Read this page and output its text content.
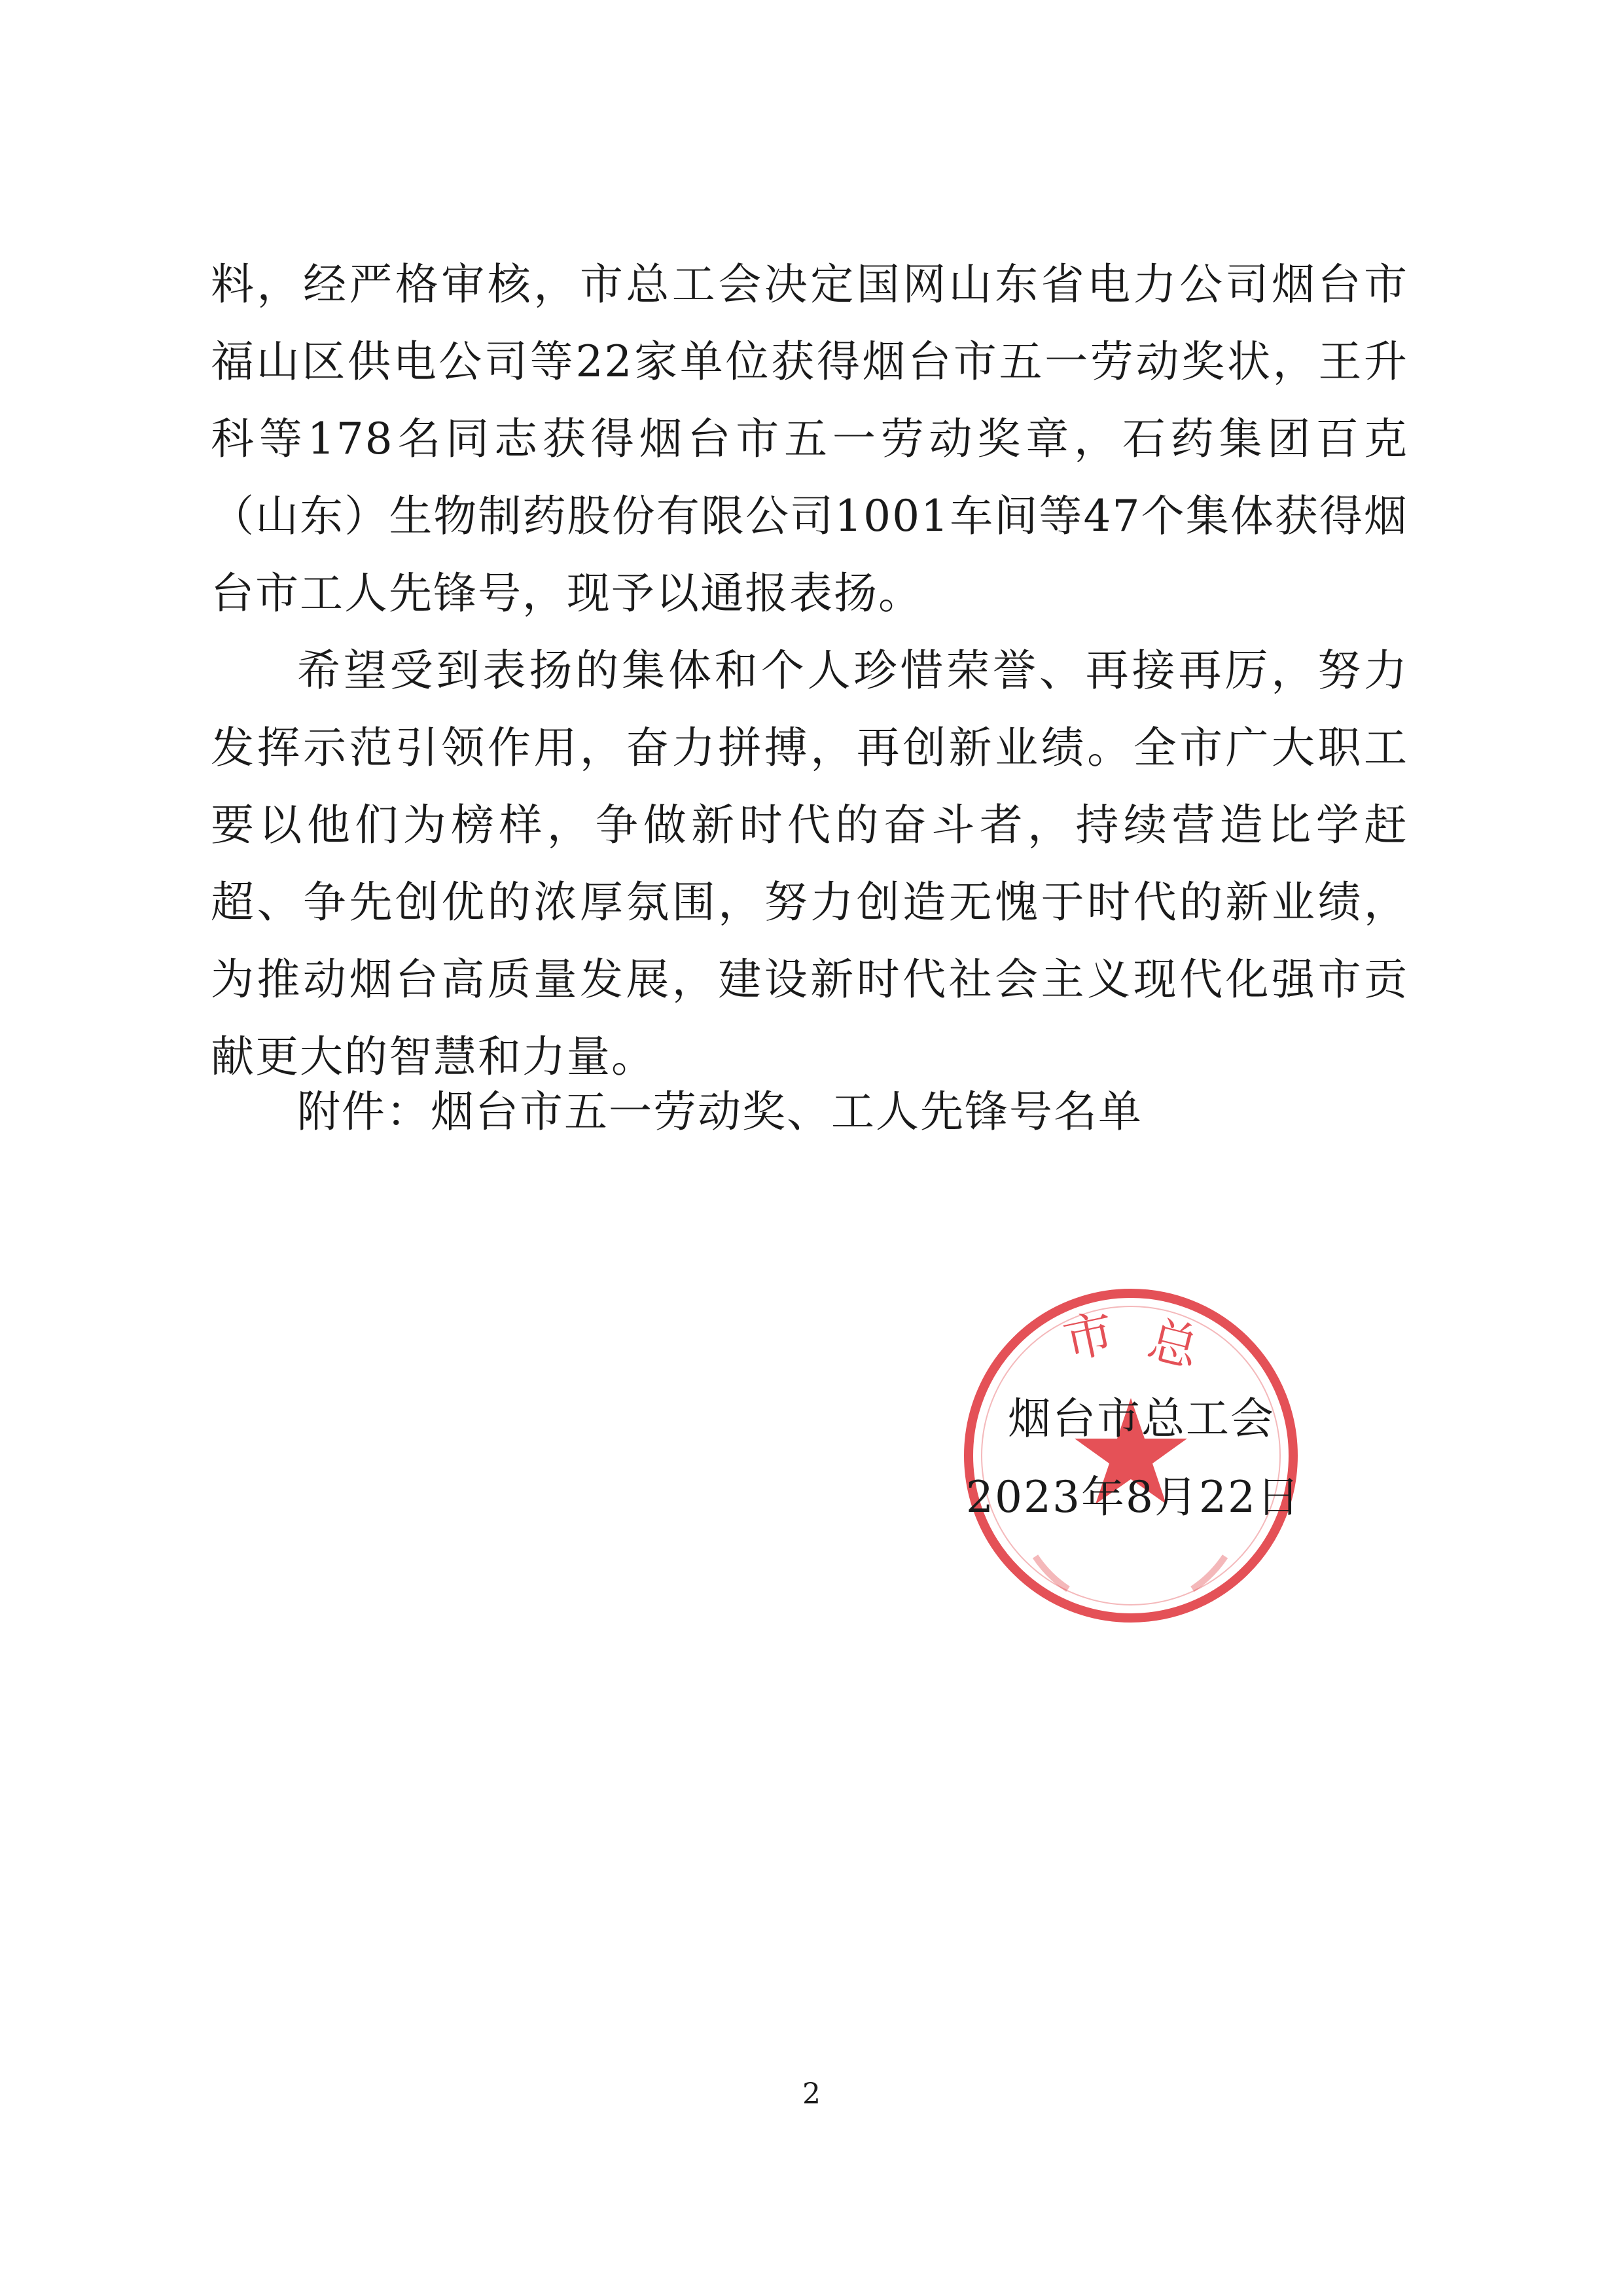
料，经严格审核，市总工会决定国网山东省电力公司烟台市福山区供电公司等22家单位获得烟台市五一劳动奖状，王升科等178名同志获得烟台市五一劳动奖章，石药集团百克（山东）生物制药股份有限公司1001车间等47个集体获得烟台市工人先锋号，现予以通报表扬。

希望受到表扬的集体和个人珍惜荣誉、再接再厉，努力发挥示范引领作用，奋力拼搏，再创新业绩。全市广大职工要以他们为榜样，争做新时代的奋斗者，持续营造比学赶超、争先创优的浓厚氛围，努力创造无愧于时代的新业绩，为推动烟台高质量发展，建设新时代社会主义现代化强市贡献更大的智慧和力量。

附件：烟台市五一劳动奖、工人先锋号名单
市 总
烟台市总工会
2023年8月22日
2
